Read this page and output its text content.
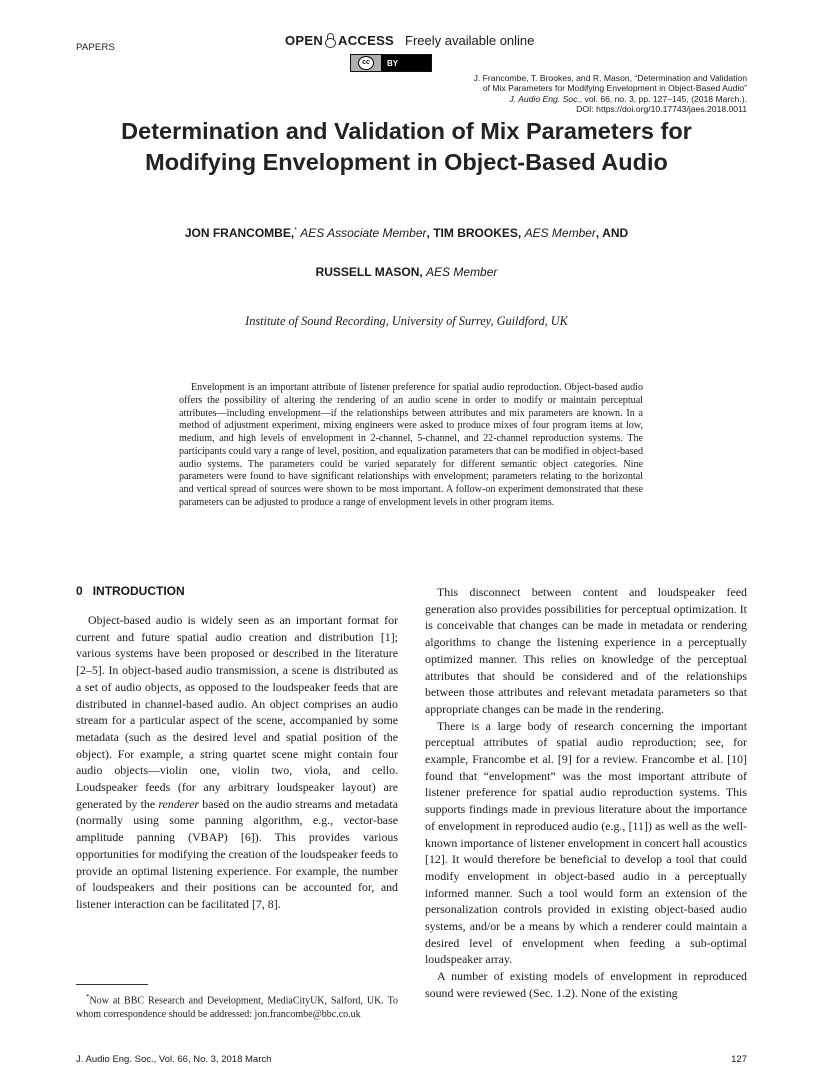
PAPERS	OPEN ACCESS Freely available online
cc	BY
J. Francombe, T. Brookes, and R. Mason, “Determination and Validation
of Mix Parameters for Modifying Envelopment in Object-Based Audio”
J. Audio Eng. Soc., vol. 66, no. 3, pp. 127–145, (2018 March.).
DOI: https://doi.org/10.17743/jaes.2018.0011
Determination and Validation of Mix Parameters for
Modifying Envelopment in Object-Based Audio
JON FRANCOMBE,* AES Associate Member, TIM BROOKES, AES Member, AND
RUSSELL MASON, AES Member
Institute of Sound Recording, University of Surrey, Guildford, UK

Envelopment is an important attribute of listener preference for spatial audio reproduction. Object-based audio offers the possibility of altering the rendering of an audio scene in order to modify or maintain perceptual attributes—including envelopment—if the relationships between attributes and mix parameters are known. In a method of adjustment experiment, mixing engineers were asked to produce mixes of four program items at low, medium, and high levels of envelopment in 2-channel, 5-channel, and 22-channel reproduction systems. The participants could vary a range of level, position, and equalization parameters that can be modified in object-based audio systems. The parameters could be varied separately for different semantic object categories. Nine parameters were found to have significant relationships with envelopment; parameters relating to the horizontal and vertical spread of sources were shown to be most important. A follow-on experiment demonstrated that these parameters can be adjusted to produce a range of envelopment levels in other program items.

0 INTRODUCTION

Object-based audio is widely seen as an important format for current and future spatial audio creation and distribution [1]; various systems have been proposed or described in the literature [2–5]. In object-based audio transmission, a scene is distributed as a set of audio objects, as opposed to the loudspeaker feeds that are distributed in channel-based audio. An object comprises an audio stream for a particular aspect of the scene, accompanied by some metadata (such as the desired level and spatial position of the object). For example, a string quartet scene might contain four audio objects—violin one, violin two, viola, and cello. Loudspeaker feeds (for any arbitrary loudspeaker layout) are generated by the renderer based on the audio streams and metadata (normally using some panning algorithm, e.g., vector-base amplitude panning (VBAP) [6]). This provides various opportunities for modifying the creation of the loudspeaker feeds to provide an optimal listening experience. For example, the number of loudspeakers and their positions can be accounted for, and listener interaction can be facilitated [7, 8].

This disconnect between content and loudspeaker feed generation also provides possibilities for perceptual optimization. It is conceivable that changes can be made in metadata or rendering algorithms to change the listening experience in a perceptually optimized manner. This relies on knowledge of the perceptual attributes that should be considered and of the relationships between those attributes and relevant metadata parameters so that appropriate changes can be made in the rendering.

There is a large body of research concerning the important perceptual attributes of spatial audio reproduction; see, for example, Francombe et al. [9] for a review. Francombe et al. [10] found that “envelopment” was the most important attribute of listener preference for spatial audio reproduction systems. This supports findings made in previous literature about the importance of envelopment in reproduced audio (e.g., [11]) as well as the well-known importance of listener envelopment in concert hall acoustics [12]. It would therefore be beneficial to develop a tool that could modify envelopment in object-based audio in a perceptually informed manner. Such a tool would form an extension of the personalization controls provided in existing object-based audio systems, and/or be a means by which a renderer could maintain a desired level of envelopment when feeding a sub-optimal loudspeaker array.

A number of existing models of envelopment in reproduced sound were reviewed (Sec. 1.2). None of the existing

*Now at BBC Research and Development, MediaCityUK, Salford, UK. To whom correspondence should be addressed: jon.francombe@bbc.co.uk
J. Audio Eng. Soc., Vol. 66, No. 3, 2018 March	127
